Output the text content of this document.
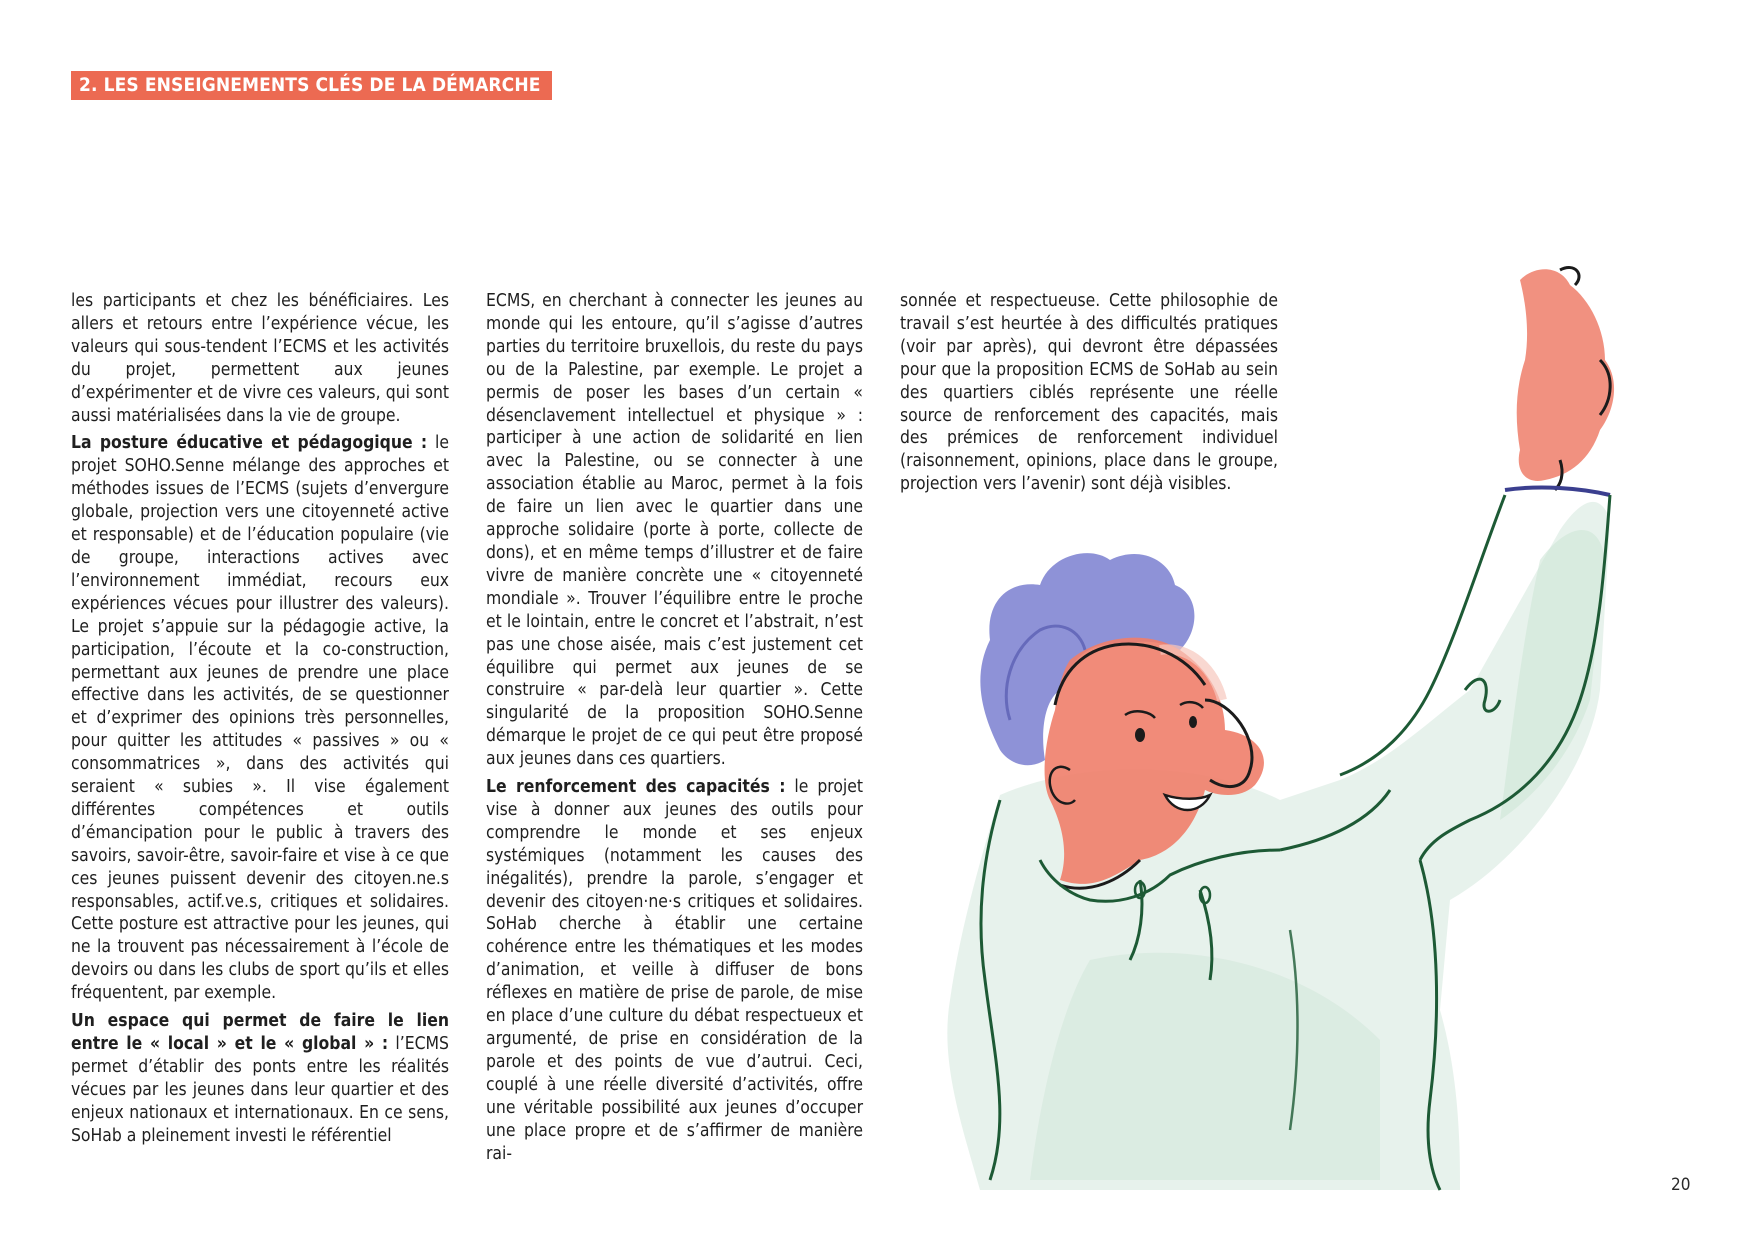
2. LES ENSEIGNEMENTS CLÉS DE LA DÉMARCHE

les participants et chez les bénéficiaires. Les allers et retours entre l’expérience vécue, les valeurs qui sous-tendent l’ECMS et les activités du projet, permettent aux jeunes d’expérimenter et de vivre ces valeurs, qui sont aussi matérialisées dans la vie de groupe.

La posture éducative et pédagogique : le projet SOHO.Senne mélange des approches et méthodes issues de l’ECMS (sujets d’envergure globale, projection vers une citoyenneté active et responsable) et de l’éducation populaire (vie de groupe, interactions actives avec l’environnement immédiat, recours eux expériences vécues pour illustrer des valeurs). Le projet s’appuie sur la pédagogie active, la participation, l’écoute et la co-construction, permettant aux jeunes de prendre une place effective dans les activités, de se questionner et d’exprimer des opinions très personnelles, pour quitter les attitudes « passives » ou « consommatrices », dans des activités qui seraient « subies ». Il vise également différentes compétences et outils d’émancipation pour le public à travers des savoirs, savoir-être, savoir-faire et vise à ce que ces jeunes puissent devenir des citoyen.ne.s responsables, actif.ve.s, critiques et solidaires. Cette posture est attractive pour les jeunes, qui ne la trouvent pas nécessairement à l’école de devoirs ou dans les clubs de sport qu’ils et elles fréquentent, par exemple.

Un espace qui permet de faire le lien entre le « local » et le « global » : l’ECMS permet d’établir des ponts entre les réalités vécues par les jeunes dans leur quartier et des enjeux nationaux et internationaux. En ce sens, SoHab a pleinement investi le référentiel

ECMS, en cherchant à connecter les jeunes au monde qui les entoure, qu’il s’agisse d’autres parties du territoire bruxellois, du reste du pays ou de la Palestine, par exemple. Le projet a permis de poser les bases d’un certain « désenclavement intellectuel et physique » : participer à une action de solidarité en lien avec la Palestine, ou se connecter à une association établie au Maroc, permet à la fois de faire un lien avec le quartier dans une approche solidaire (porte à porte, collecte de dons), et en même temps d’illustrer et de faire vivre de manière concrète une « citoyenneté mondiale ». Trouver l’équilibre entre le proche et le lointain, entre le concret et l’abstrait, n’est pas une chose aisée, mais c’est justement cet équilibre qui permet aux jeunes de se construire « par-delà leur quartier ». Cette singularité de la proposition SOHO.Senne démarque le projet de ce qui peut être proposé aux jeunes dans ces quartiers.

Le renforcement des capacités : le projet vise à donner aux jeunes des outils pour comprendre le monde et ses enjeux systémiques (notamment les causes des inégalités), prendre la parole, s’engager et devenir des citoyen·ne·s critiques et solidaires. SoHab cherche à établir une certaine cohérence entre les thématiques et les modes d’animation, et veille à diffuser de bons réflexes en matière de prise de parole, de mise en place d’une culture du débat respectueux et argumenté, de prise en considération de la parole et des points de vue d’autrui. Ceci, couplé à une réelle diversité d’activités, offre une véritable possibilité aux jeunes d’occuper une place propre et de s’affirmer de manière rai-

sonnée et respectueuse. Cette philosophie de travail s’est heurtée à des difficultés pratiques (voir par après), qui devront être dépassées pour que la proposition ECMS de SoHab au sein des quartiers ciblés représente une réelle source de renforcement des capacités, mais des prémices de renforcement individuel (raisonnement, opinions, place dans le groupe, projection vers l’avenir) sont déjà visibles.

20
